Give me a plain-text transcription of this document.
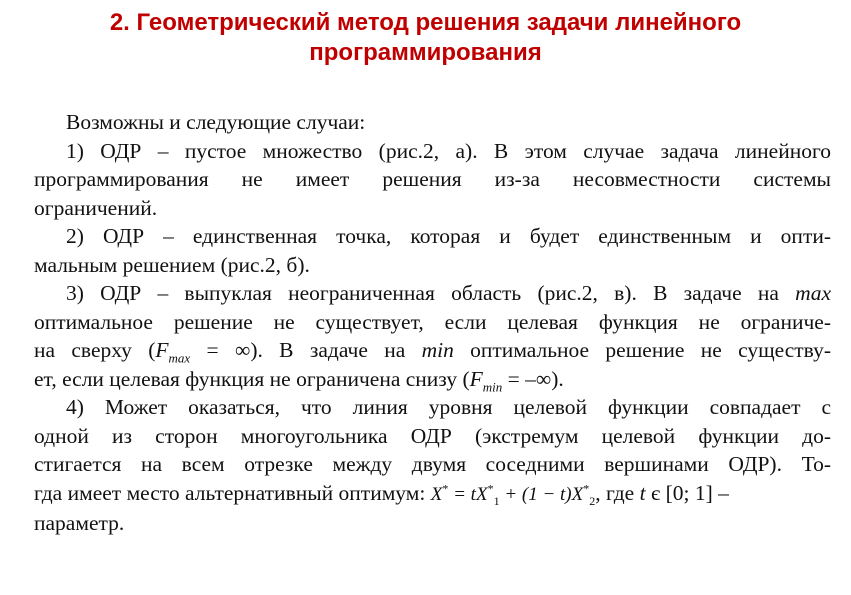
2. Геометрический метод решения задачи линейного
программирования
Возможны и следующие случаи:
1) ОДР – пустое множество (рис.2, а). В этом случае задача линейного
программирования не имеет решения из-за несовместности системы
ограничений.
2) ОДР – единственная точка, которая и будет единственным и опти-
мальным решением (рис.2, б).
3) ОДР – выпуклая неограниченная область (рис.2, в). В задаче на max
оптимальное решение не существует, если целевая функция не ограниче-
на сверху ($F_{max}$ = ∞). В задаче на min оптимальное решение не существу-
ет, если целевая функция не ограничена снизу ($F_{min}$ = –∞).
4) Может оказаться, что линия уровня целевой функции совпадает с
одной из сторон многоугольника ОДР (экстремум целевой функции до-
стигается на всем отрезке между двумя соседними вершинами ОДР). То-
гда имеет место альтернативный оптимум: $X^* = tX^*_1 + (1 - t)X^*_2$, где t є [0; 1] –
параметр.
